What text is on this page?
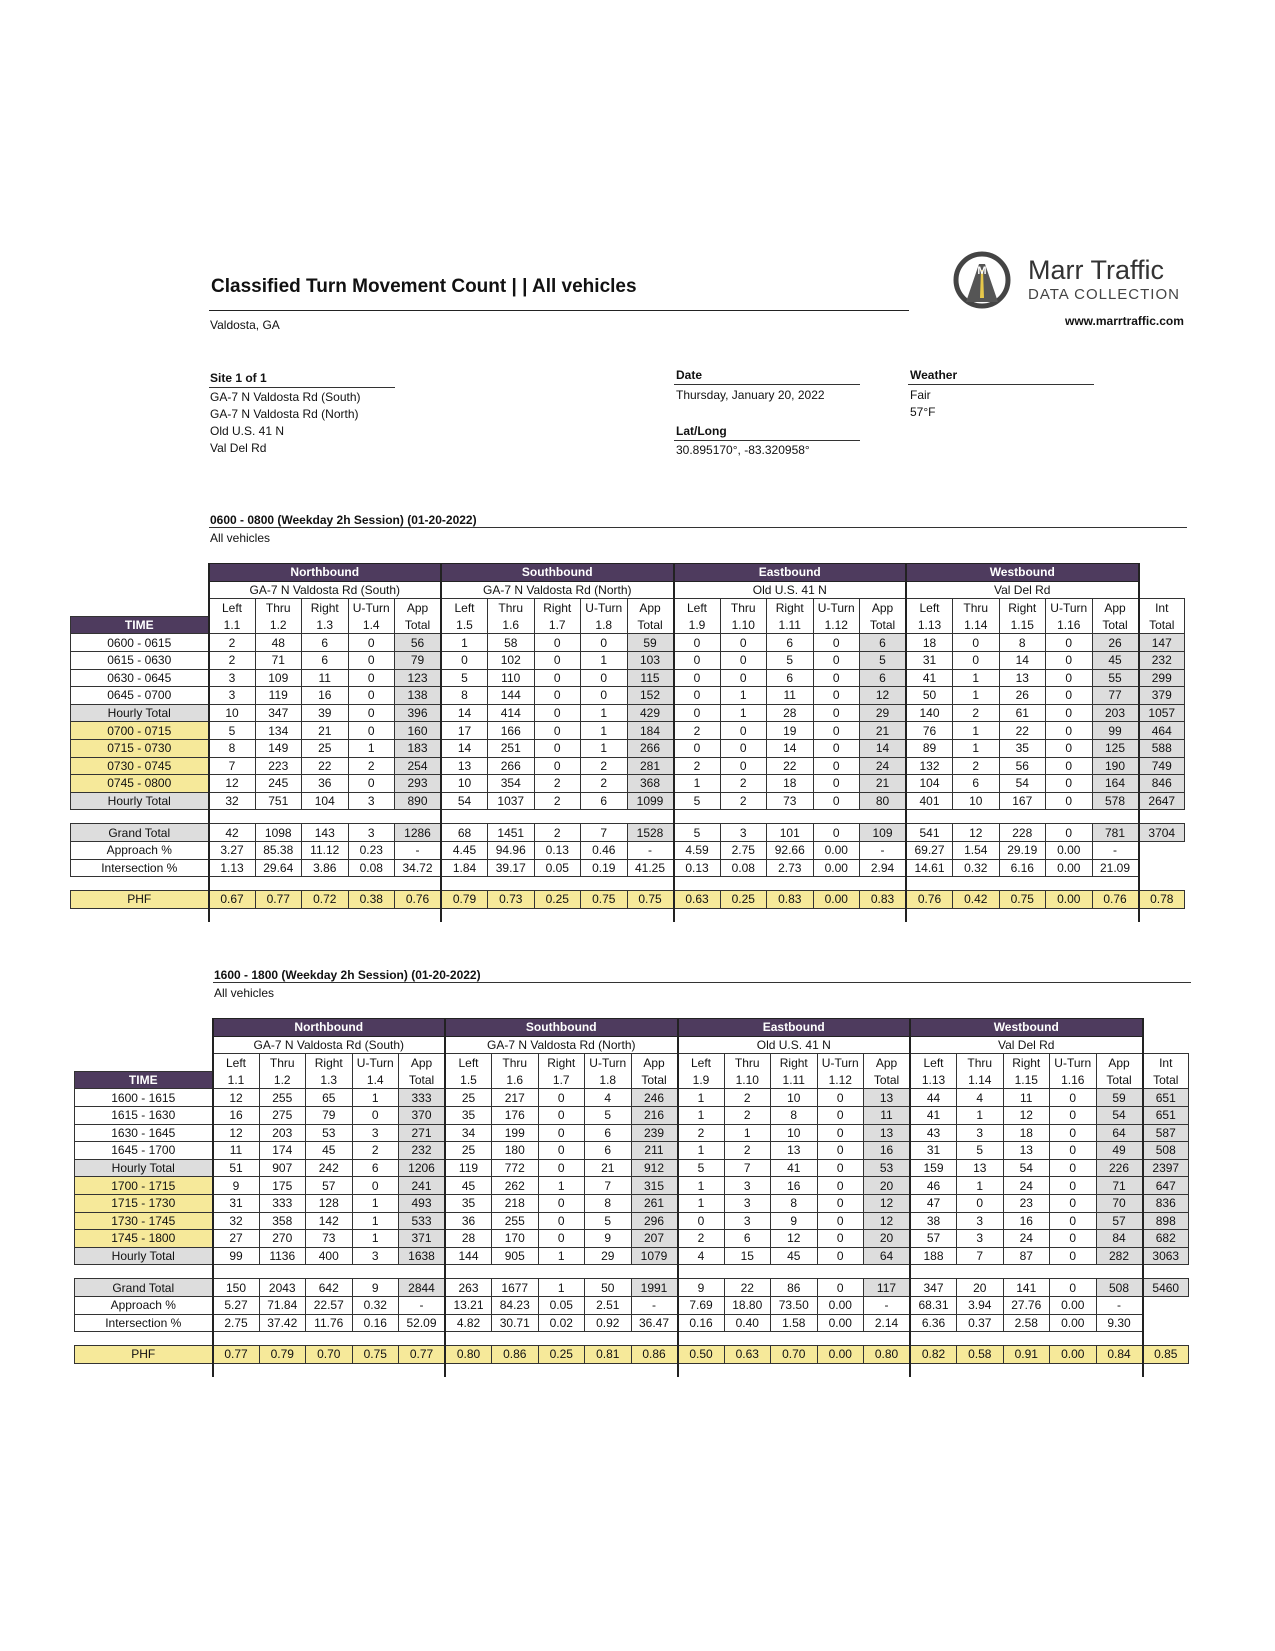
Classified Turn Movement Count | | All vehicles
Valdosta, GA
M Marr Traffic
DATA COLLECTION
www.marrtraffic.com
Site 1 of 1
GA-7 N Valdosta Rd (South)
GA-7 N Valdosta Rd (North)
Old U.S. 41 N
Val Del Rd
Date
Thursday, January 20, 2022
Lat/Long
30.895170°, -83.320958°
Weather
Fair
57°F
0600 - 0800 (Weekday 2h Session) (01-20-2022)
All vehicles
	Northbound					Southbound					Eastbound					Westbound					
	GA-7 N Valdosta Rd (South)					GA-7 N Valdosta Rd (North)					Old U.S. 41 N					Val Del Rd					
	Left	Thru	Right	U-Turn	App	Left	Thru	Right	U-Turn	App	Left	Thru	Right	U-Turn	App	Left	Thru	Right	U-Turn	App	Int
TIME	1.1	1.2	1.3	1.4	Total	1.5	1.6	1.7	1.8	Total	1.9	1.10	1.11	1.12	Total	1.13	1.14	1.15	1.16	Total	Total
0600 - 0615	2	48	6	0	56	1	58	0	0	59	0	0	6	0	6	18	0	8	0	26	147
0615 - 0630	2	71	6	0	79	0	102	0	1	103	0	0	5	0	5	31	0	14	0	45	232
0630 - 0645	3	109	11	0	123	5	110	0	0	115	0	0	6	0	6	41	1	13	0	55	299
0645 - 0700	3	119	16	0	138	8	144	0	0	152	0	1	11	0	12	50	1	26	0	77	379
Hourly Total	10	347	39	0	396	14	414	0	1	429	0	1	28	0	29	140	2	61	0	203	1057
0700 - 0715	5	134	21	0	160	17	166	0	1	184	2	0	19	0	21	76	1	22	0	99	464
0715 - 0730	8	149	25	1	183	14	251	0	1	266	0	0	14	0	14	89	1	35	0	125	588
0730 - 0745	7	223	22	2	254	13	266	0	2	281	2	0	22	0	24	132	2	56	0	190	749
0745 - 0800	12	245	36	0	293	10	354	2	2	368	1	2	18	0	21	104	6	54	0	164	846
Hourly Total	32	751	104	3	890	54	1037	2	6	1099	5	2	73	0	80	401	10	167	0	578	2647

Grand Total	42	1098	143	3	1286	68	1451	2	7	1528	5	3	101	0	109	541	12	228	0	781	3704
Approach %	3.27	85.38	11.12	0.23	-	4.45	94.96	0.13	0.46	-	4.59	2.75	92.66	0.00	-	69.27	1.54	29.19	0.00	-	
Intersection %	1.13	29.64	3.86	0.08	34.72	1.84	39.17	0.05	0.19	41.25	0.13	0.08	2.73	0.00	2.94	14.61	0.32	6.16	0.00	21.09	

PHF	0.67	0.77	0.72	0.38	0.76	0.79	0.73	0.25	0.75	0.75	0.63	0.25	0.83	0.00	0.83	0.76	0.42	0.75	0.00	0.76	0.78

1600 - 1800 (Weekday 2h Session) (01-20-2022)
All vehicles
	Northbound					Southbound					Eastbound					Westbound					
	GA-7 N Valdosta Rd (South)					GA-7 N Valdosta Rd (North)					Old U.S. 41 N					Val Del Rd					
	Left	Thru	Right	U-Turn	App	Left	Thru	Right	U-Turn	App	Left	Thru	Right	U-Turn	App	Left	Thru	Right	U-Turn	App	Int
TIME	1.1	1.2	1.3	1.4	Total	1.5	1.6	1.7	1.8	Total	1.9	1.10	1.11	1.12	Total	1.13	1.14	1.15	1.16	Total	Total
1600 - 1615	12	255	65	1	333	25	217	0	4	246	1	2	10	0	13	44	4	11	0	59	651
1615 - 1630	16	275	79	0	370	35	176	0	5	216	1	2	8	0	11	41	1	12	0	54	651
1630 - 1645	12	203	53	3	271	34	199	0	6	239	2	1	10	0	13	43	3	18	0	64	587
1645 - 1700	11	174	45	2	232	25	180	0	6	211	1	2	13	0	16	31	5	13	0	49	508
Hourly Total	51	907	242	6	1206	119	772	0	21	912	5	7	41	0	53	159	13	54	0	226	2397
1700 - 1715	9	175	57	0	241	45	262	1	7	315	1	3	16	0	20	46	1	24	0	71	647
1715 - 1730	31	333	128	1	493	35	218	0	8	261	1	3	8	0	12	47	0	23	0	70	836
1730 - 1745	32	358	142	1	533	36	255	0	5	296	0	3	9	0	12	38	3	16	0	57	898
1745 - 1800	27	270	73	1	371	28	170	0	9	207	2	6	12	0	20	57	3	24	0	84	682
Hourly Total	99	1136	400	3	1638	144	905	1	29	1079	4	15	45	0	64	188	7	87	0	282	3063

Grand Total	150	2043	642	9	2844	263	1677	1	50	1991	9	22	86	0	117	347	20	141	0	508	5460
Approach %	5.27	71.84	22.57	0.32	-	13.21	84.23	0.05	2.51	-	7.69	18.80	73.50	0.00	-	68.31	3.94	27.76	0.00	-	
Intersection %	2.75	37.42	11.76	0.16	52.09	4.82	30.71	0.02	0.92	36.47	0.16	0.40	1.58	0.00	2.14	6.36	0.37	2.58	0.00	9.30	

PHF	0.77	0.79	0.70	0.75	0.77	0.80	0.86	0.25	0.81	0.86	0.50	0.63	0.70	0.00	0.80	0.82	0.58	0.91	0.00	0.84	0.85
